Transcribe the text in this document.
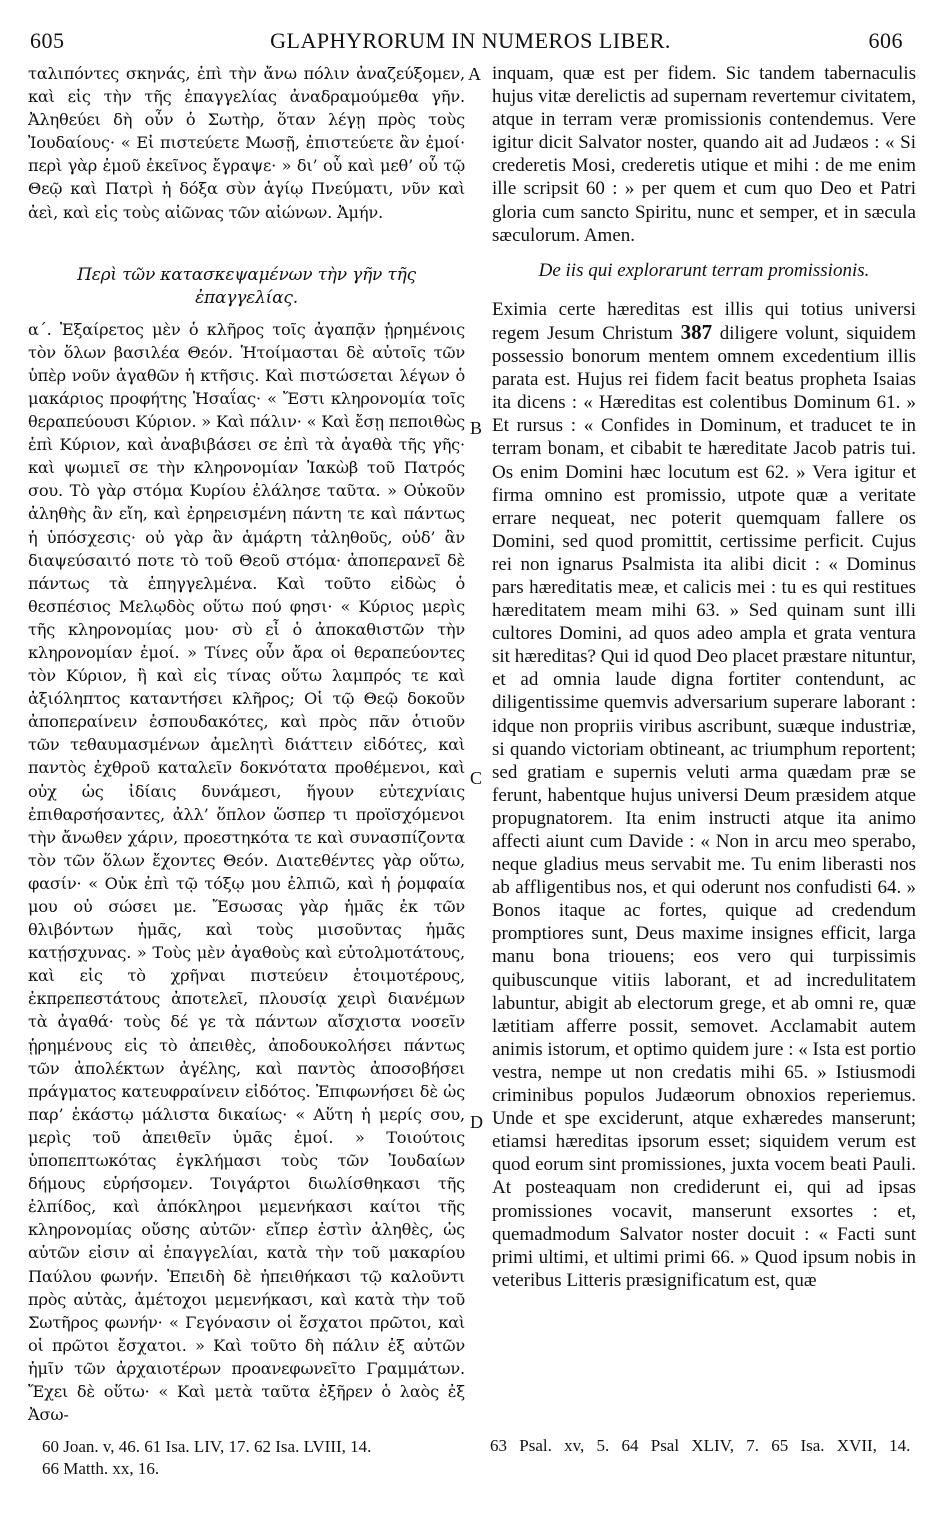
605	GLAPHYRORUM IN NUMEROS LIBER.	606

ταλιπόντες σκηνάς, ἐπὶ τὴν ἄνω πόλιν ἀναζεύξομεν, καὶ εἰς τὴν τῆς ἐπαγγελίας ἀναδραμούμεθα γῆν. Ἀληθεύει δὴ οὖν ὁ Σωτὴρ, ὅταν λέγῃ πρὸς τοὺς Ἰουδαίους· « Εἰ πιστεύετε Μωσῇ, ἐπιστεύετε ἂν ἐμοί· περὶ γὰρ ἐμοῦ ἐκεῖνος ἔγραψε· » δι’ οὗ καὶ μεθ’ οὗ τῷ Θεῷ καὶ Πατρὶ ἡ δόξα σὺν ἁγίῳ Πνεύματι, νῦν καὶ ἀεὶ, καὶ εἰς τοὺς αἰῶνας τῶν αἰώνων. Ἀμήν.

Περὶ τῶν κατασκεψαμένων τὴν γῆν τῆς ἐπαγγελίας.

α΄. Ἐξαίρετος μὲν ὁ κλῆρος τοῖς ἀγαπᾷν ᾑρημένοις τὸν ὅλων βασιλέα Θεόν. Ἡτοίμασται δὲ αὐτοῖς τῶν ὑπὲρ νοῦν ἀγαθῶν ἡ κτῆσις. Καὶ πιστώσεται λέγων ὁ μακάριος προφήτης Ἡσαΐας· « Ἔστι κληρονομία τοῖς θεραπεύουσι Κύριον. » Καὶ πάλιν· « Καὶ ἔσῃ πεποιθὼς ἐπὶ Κύριον, καὶ ἀναβιβάσει σε ἐπὶ τὰ ἀγαθὰ τῆς γῆς· καὶ ψωμιεῖ σε τὴν κληρονομίαν Ἰακὼβ τοῦ Πατρός σου. Τὸ γὰρ στόμα Κυρίου ἐλάλησε ταῦτα. » Οὐκοῦν ἀληθὴς ἂν εἴη, καὶ ἐρηρεισμένη πάντη τε καὶ πάντως ἡ ὑπόσχεσις· οὐ γὰρ ἂν ἁμάρτη τἀληθοῦς, οὐδ’ ἂν διαψεύσαιτό ποτε τὸ τοῦ Θεοῦ στόμα· ἀποπερανεῖ δὲ πάντως τὰ ἐπηγγελμένα. Καὶ τοῦτο εἰδὼς ὁ θεσπέσιος Μελῳδὸς οὕτω πού φησι· « Κύριος μερὶς τῆς κληρονομίας μου· σὺ εἶ ὁ ἀποκαθιστῶν τὴν κληρονομίαν ἐμοί. » Τίνες οὖν ἄρα οἱ θεραπεύοντες τὸν Κύριον, ἢ καὶ εἰς τίνας οὕτω λαμπρός τε καὶ ἀξιόληπτος καταντήσει κλῆρος; Οἱ τῷ Θεῷ δοκοῦν ἀποπεραίνειν ἐσπουδακότες, καὶ πρὸς πᾶν ὁτιοῦν τῶν τεθαυμασμένων ἀμελητὶ διάττειν εἰδότες, καὶ παντὸς ἐχθροῦ καταλεῖν δοκνότατα προθέμενοι, καὶ οὐχ ὡς ἰδίαις δυνάμεσι, ἥγουν εὐτεχνίαις ἐπιθαρσήσαντες, ἀλλ’ ὅπλον ὥσπερ τι προϊσχόμενοι τὴν ἄνωθεν χάριν, προεστηκότα τε καὶ συνασπίζοντα τὸν τῶν ὅλων ἔχοντες Θεόν. Διατεθέντες γὰρ οὕτω, φασίν· « Οὐκ ἐπὶ τῷ τόξῳ μου ἐλπιῶ, καὶ ἡ ῥομφαία μου οὐ σώσει με. Ἔσωσας γὰρ ἡμᾶς ἐκ τῶν θλιβόντων ἡμᾶς, καὶ τοὺς μισοῦντας ἡμᾶς κατῄσχυνας. » Τοὺς μὲν ἀγαθοὺς καὶ εὐτολμοτάτους, καὶ εἰς τὸ χρῆναι πιστεύειν ἑτοιμοτέρους, ἐκπρεπεστάτους ἀποτελεῖ, πλουσίᾳ χειρὶ διανέμων τὰ ἀγαθά· τοὺς δέ γε τὰ πάντων αἴσχιστα νοσεῖν ᾑρημένους εἰς τὸ ἀπειθὲς, ἀποδουκολήσει πάντως τῶν ἀπολέκτων ἀγέλης, καὶ παντὸς ἀποσοβήσει πράγματος κατευφραίνειν εἰδότος. Ἐπιφωνήσει δὲ ὡς παρ’ ἑκάστῳ μάλιστα δικαίως· « Αὕτη ἡ μερίς σου, μερὶς τοῦ ἀπειθεῖν ὑμᾶς ἐμοί. » Τοιούτοις ὑποπεπτωκότας ἐγκλήμασι τοὺς τῶν Ἰουδαίων δήμους εὑρήσομεν. Τοιγάρτοι διωλίσθηκασι τῆς ἐλπίδος, καὶ ἀπόκληροι μεμενήκασι καίτοι τῆς κληρονομίας οὔσης αὐτῶν· εἴπερ ἐστὶν ἀληθὲς, ὡς αὐτῶν εἰσιν αἱ ἐπαγγελίαι, κατὰ τὴν τοῦ μακαρίου Παύλου φωνήν. Ἐπειδὴ δὲ ἠπειθήκασι τῷ καλοῦντι πρὸς αὐτὰς, ἀμέτοχοι μεμενήκασι, καὶ κατὰ τὴν τοῦ Σωτῆρος φωνήν· « Γεγόνασιν οἱ ἔσχατοι πρῶτοι, καὶ οἱ πρῶτοι ἔσχατοι. » Καὶ τοῦτο δὴ πάλιν ἐξ αὐτῶν ἡμῖν τῶν ἀρχαιοτέρων προανεφωνεῖτο Γραμμάτων. Ἔχει δὲ οὕτω· « Καὶ μετὰ ταῦτα ἐξῆρεν ὁ λαὸς ἐξ Ἀσω-

A
B
C
D

inquam, quæ est per fidem. Sic tandem tabernaculis hujus vitæ derelictis ad supernam revertemur civitatem, atque in terram veræ promissionis contendemus. Vere igitur dicit Salvator noster, quando ait ad Judæos : « Si crederetis Mosi, crederetis utique et mihi : de me enim ille scripsit 60 : » per quem et cum quo Deo et Patri gloria cum sancto Spiritu, nunc et semper, et in sæcula sæculorum. Amen.

De iis qui explorarunt terram promissionis.

Eximia certe hæreditas est illis qui totius universi regem Jesum Christum 387 diligere volunt, siquidem possessio bonorum mentem omnem excedentium illis parata est. Hujus rei fidem facit beatus propheta Isaias ita dicens : « Hæreditas est colentibus Dominum 61. » Et rursus : « Confides in Dominum, et traducet te in terram bonam, et cibabit te hæreditate Jacob patris tui. Os enim Domini hæc locutum est 62. » Vera igitur et firma omnino est promissio, utpote quæ a veritate errare nequeat, nec poterit quemquam fallere os Domini, sed quod promittit, certissime perficit. Cujus rei non ignarus Psalmista ita alibi dicit : « Dominus pars hæreditatis meæ, et calicis mei : tu es qui restitues hæreditatem meam mihi 63. » Sed quinam sunt illi cultores Domini, ad quos adeo ampla et grata ventura sit hæreditas? Qui id quod Deo placet præstare nituntur, et ad omnia laude digna fortiter contendunt, ac diligentissime quemvis adversarium superare laborant : idque non propriis viribus ascribunt, suæque industriæ, si quando victoriam obtineant, ac triumphum reportent; sed gratiam e supernis veluti arma quædam præ se ferunt, habentque hujus universi Deum præsidem atque propugnatorem. Ita enim instructi atque ita animo affecti aiunt cum Davide : « Non in arcu meo sperabo, neque gladius meus servabit me. Tu enim liberasti nos ab affligentibus nos, et qui oderunt nos confudisti 64. » Bonos itaque ac fortes, quique ad credendum promptiores sunt, Deus maxime insignes efficit, larga manu bona triouens; eos vero qui turpissimis quibuscunque vitiis laborant, et ad incredulitatem labuntur, abigit ab electorum grege, et ab omni re, quæ lætitiam afferre possit, semovet. Acclamabit autem animis istorum, et optimo quidem jure : « Ista est portio vestra, nempe ut non credatis mihi 65. » Istiusmodi criminibus populos Judæorum obnoxios reperiemus. Unde et spe exciderunt, atque exhæredes manserunt; etiamsi hæreditas ipsorum esset; siquidem verum est quod eorum sint promissiones, juxta vocem beati Pauli. At posteaquam non crediderunt ei, qui ad ipsas promissiones vocavit, manserunt exsortes : et, quemadmodum Salvator noster docuit : « Facti sunt primi ultimi, et ultimi primi 66. » Quod ipsum nobis in veteribus Litteris præsignificatum est, quæ

60 Joan. v, 46. 61 Isa. LIV, 17. 62 Isa. LVIII, 14.
66 Matth. xx, 16.
63 Psal. xv, 5. 64 Psal XLIV, 7. 65 Isa. XVII, 14.
